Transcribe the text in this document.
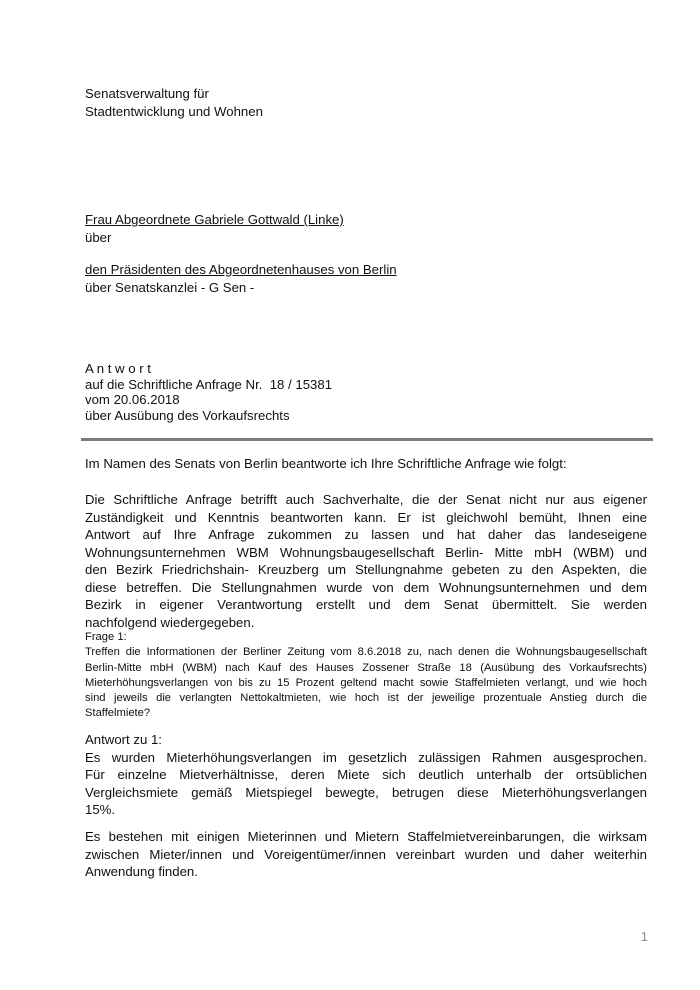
Senatsverwaltung für
Stadtentwicklung und Wohnen
Frau Abgeordnete Gabriele Gottwald (Linke)
über
den Präsidenten des Abgeordnetenhauses von Berlin
über Senatskanzlei - G Sen -
A n t w o r t
auf die Schriftliche Anfrage Nr.  18 / 15381
vom 20.06.2018
über Ausübung des Vorkaufsrechts
Im Namen des Senats von Berlin beantworte ich Ihre Schriftliche Anfrage wie folgt:
Die Schriftliche Anfrage betrifft auch Sachverhalte, die der Senat nicht nur aus eigener
Zuständigkeit und Kenntnis beantworten kann. Er ist gleichwohl bemüht, Ihnen eine
Antwort auf Ihre Anfrage zukommen zu lassen und hat daher das landeseigene
Wohnungsunternehmen WBM Wohnungsbaugesellschaft Berlin- Mitte mbH (WBM) und
den Bezirk Friedrichshain- Kreuzberg um Stellungnahme gebeten zu den Aspekten, die
diese betreffen. Die Stellungnahmen wurde von dem Wohnungsunternehmen und dem
Bezirk in eigener Verantwortung erstellt und dem Senat übermittelt. Sie werden
nachfolgend wiedergegeben.
Frage 1:
Treffen die Informationen der Berliner Zeitung vom 8.6.2018 zu, nach denen die Wohnungsbaugesellschaft
Berlin-Mitte mbH (WBM) nach Kauf des Hauses Zossener Straße 18 (Ausübung des Vorkaufsrechts)
Mieterhöhungsverlangen von bis zu 15 Prozent geltend macht sowie Staffelmieten verlangt, und wie hoch
sind jeweils die verlangten Nettokaltmieten, wie hoch ist der jeweilige prozentuale Anstieg durch die
Staffelmiete?
Antwort zu 1:
Es wurden Mieterhöhungsverlangen im gesetzlich zulässigen Rahmen ausgesprochen.
Für einzelne Mietverhältnisse, deren Miete sich deutlich unterhalb der ortsüblichen
Vergleichsmiete gemäß Mietspiegel bewegte, betrugen diese Mieterhöhungsverlangen
15%.
Es bestehen mit einigen Mieterinnen und Mietern Staffelmietvereinbarungen, die wirksam
zwischen Mieter/innen und Voreigentümer/innen vereinbart wurden und daher weiterhin
Anwendung finden.
1
